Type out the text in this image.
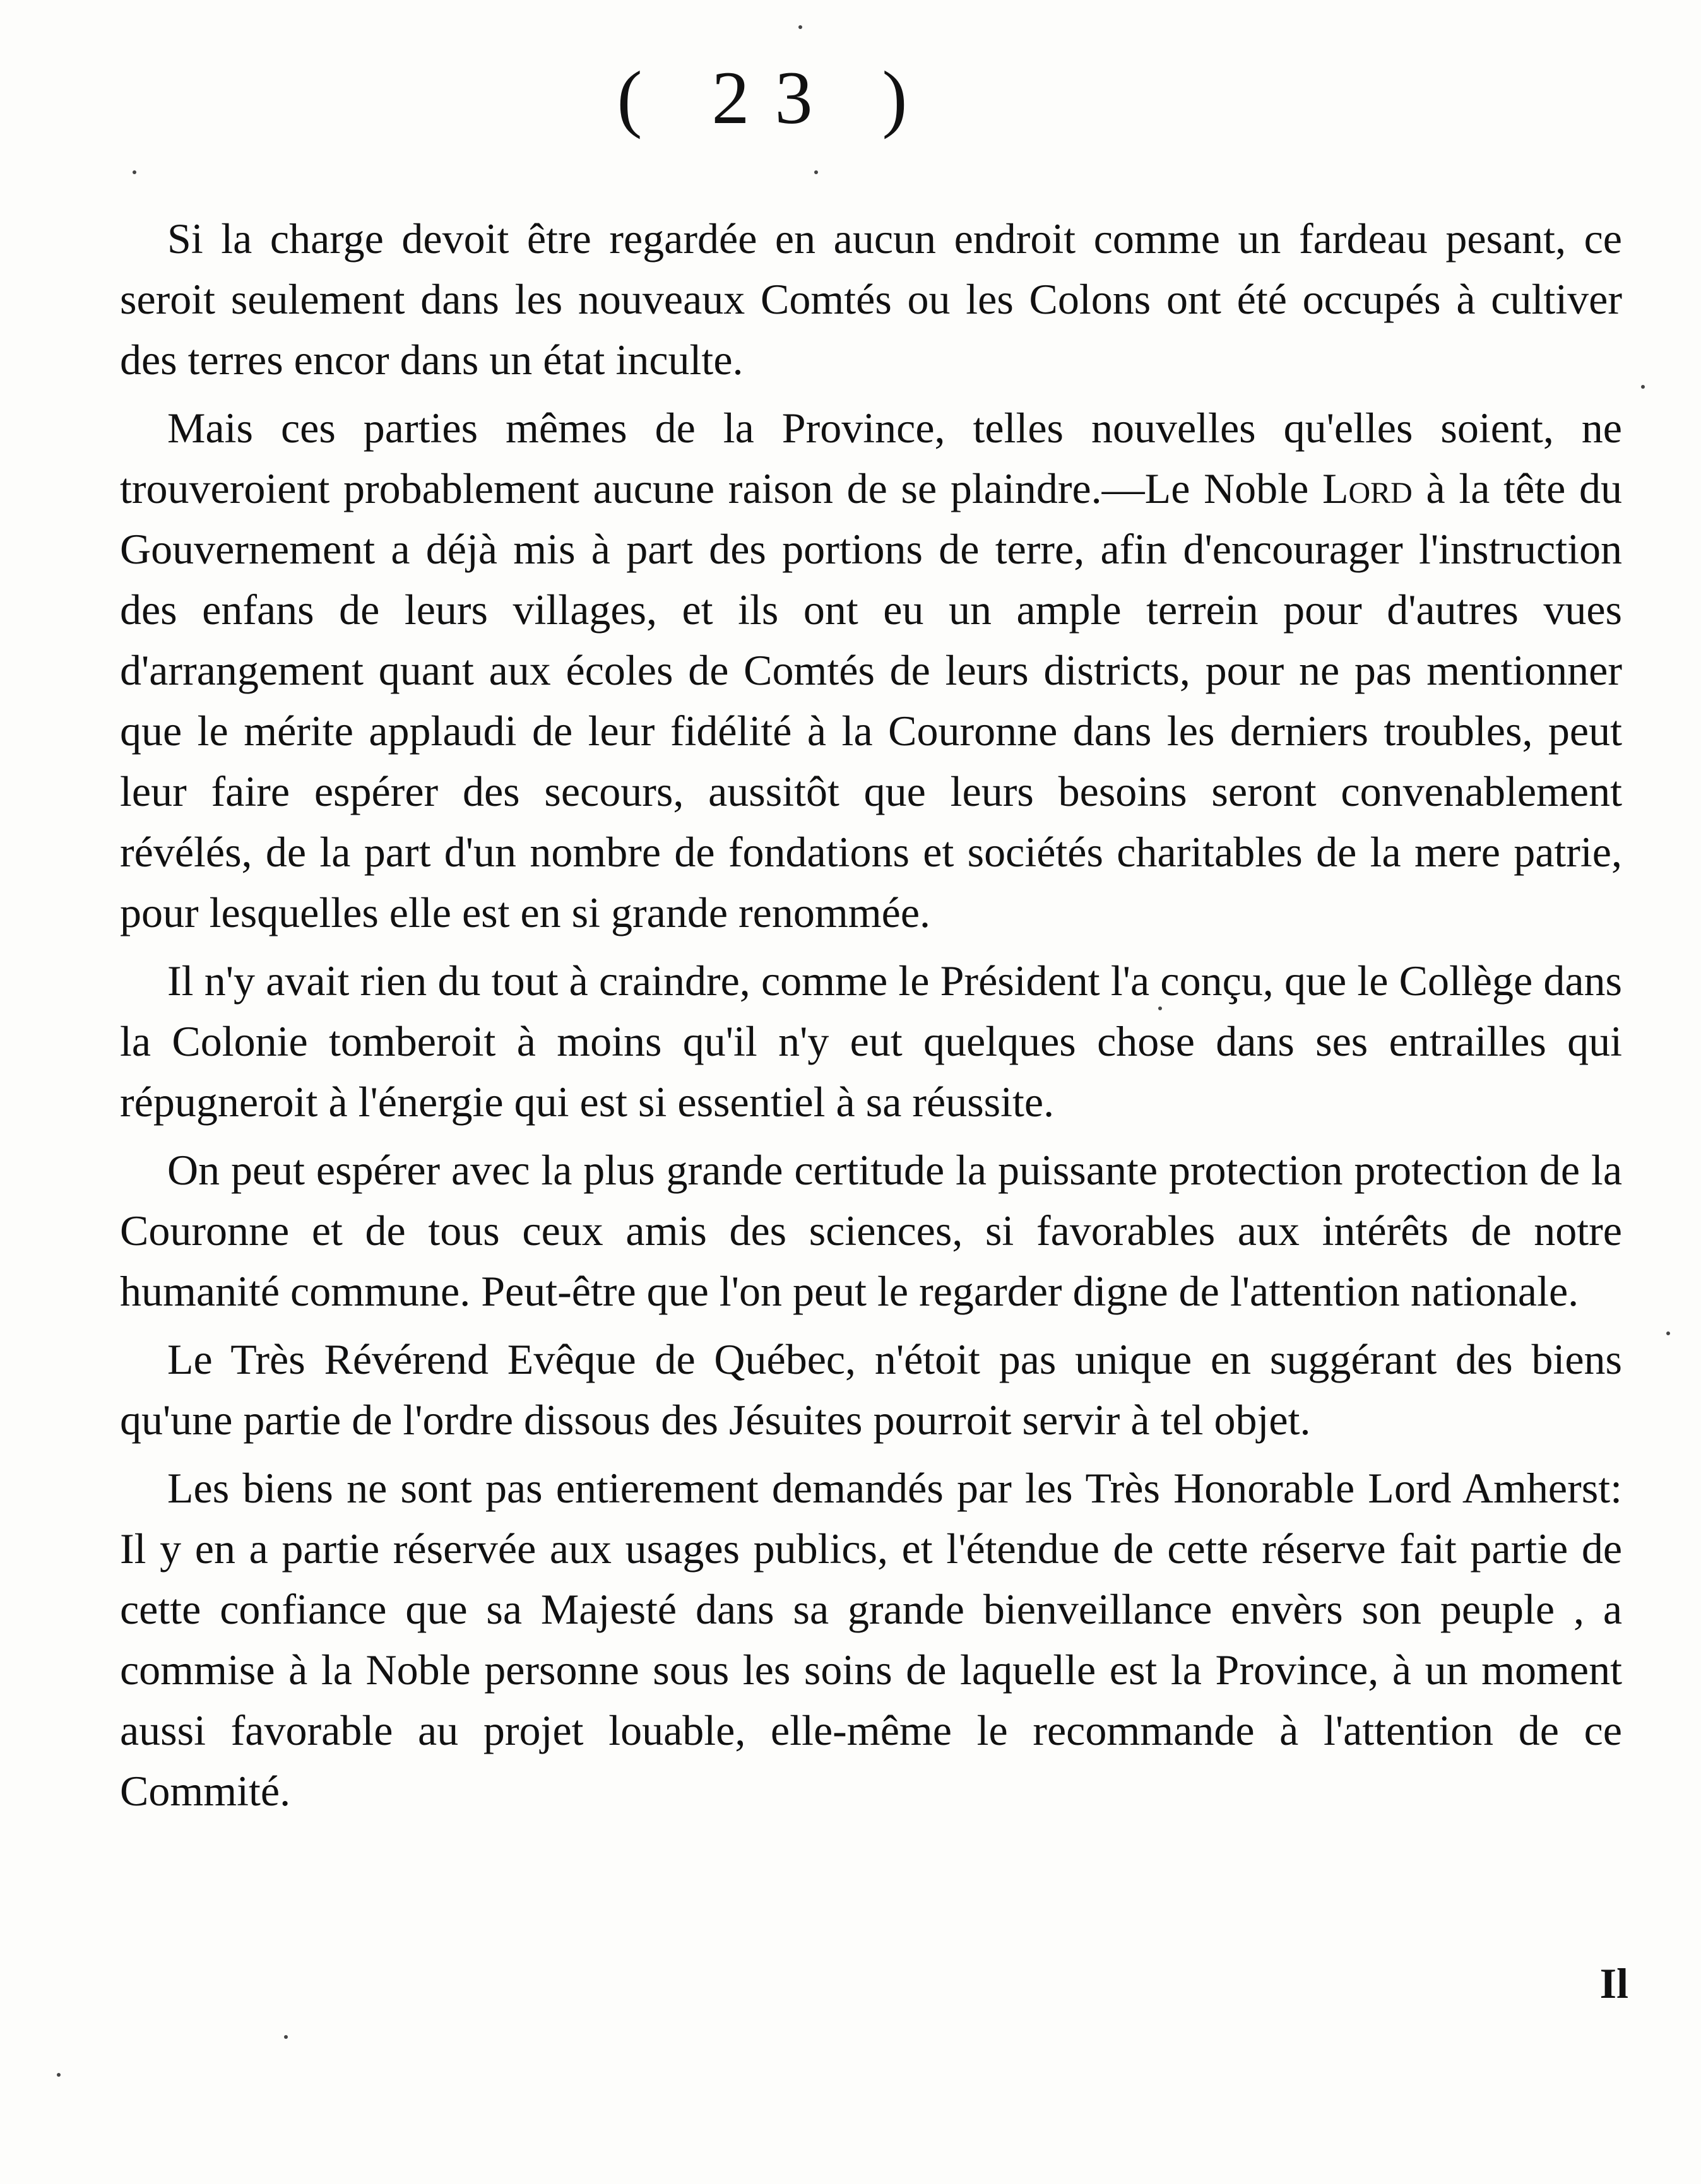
( 23 )

Si la charge devoit être regardée en aucun endroit comme un fardeau pesant, ce seroit seulement dans les nouveaux Comtés ou les Colons ont été occupés à cultiver des terres encor dans un état inculte.

Mais ces parties mêmes de la Province, telles nouvelles qu'elles soient, ne trouveroient probablement aucune raison de se plaindre.—Le Noble Lord à la tête du Gouvernement a déjà mis à part des portions de terre, afin d'encourager l'instruction des enfans de leurs villages, et ils ont eu un ample terrein pour d'autres vues d'arrangement quant aux écoles de Comtés de leurs districts, pour ne pas mentionner que le mérite applaudi de leur fidélité à la Couronne dans les derniers troubles, peut leur faire espérer des secours, aussitôt que leurs besoins seront convenablement révélés, de la part d'un nombre de fondations et sociétés charitables de la mere patrie, pour lesquelles elle est en si grande renommée.

Il n'y avait rien du tout à craindre, comme le Président l'a conçu, que le Collège dans la Colonie tomberoit à moins qu'il n'y eut quelques chose dans ses entrailles qui répugneroit à l'énergie qui est si essentiel à sa réussite.

On peut espérer avec la plus grande certitude la puissante protection protection de la Couronne et de tous ceux amis des sciences, si favorables aux intérêts de notre humanité commune. Peut-être que l'on peut le regarder digne de l'attention nationale.

Le Très Révérend Evêque de Québec, n'étoit pas unique en suggérant des biens qu'une partie de l'ordre dissous des Jésuites pourroit servir à tel objet.

Les biens ne sont pas entierement demandés par les Très Honorable Lord Amherst: Il y en a partie réservée aux usages publics, et l'étendue de cette réserve fait partie de cette confiance que sa Majesté dans sa grande bienveillance envèrs son peuple , a commise à la Noble personne sous les soins de laquelle est la Province, à un moment aussi favorable au projet louable, elle-même le recommande à l'attention de ce Commité.

Il
